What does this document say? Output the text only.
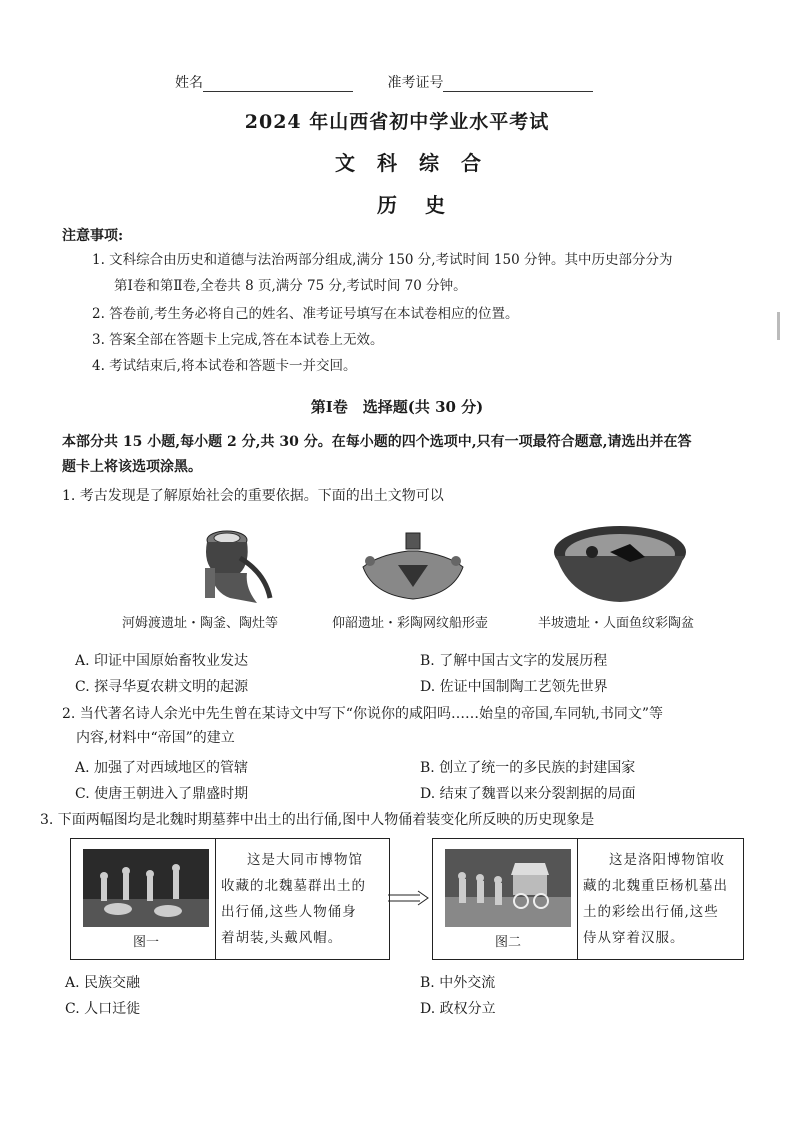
姓名	准考证号
2024 年山西省初中学业水平考试
文科综合
历史
注意事项:
1. 文科综合由历史和道德与法治两部分组成,满分 150 分,考试时间 150 分钟。其中历史部分分为
第Ⅰ卷和第Ⅱ卷,全卷共 8 页,满分 75 分,考试时间 70 分钟。
2. 答卷前,考生务必将自己的姓名、准考证号填写在本试卷相应的位置。
3. 答案全部在答题卡上完成,答在本试卷上无效。
4. 考试结束后,将本试卷和答题卡一并交回。
第Ⅰ卷　选择题(共 30 分)
本部分共 15 小题,每小题 2 分,共 30 分。在每小题的四个选项中,只有一项最符合题意,请选出并在答
题卡上将该选项涂黑。
1. 考古发现是了解原始社会的重要依据。下面的出土文物可以
河姆渡遗址・陶釜、陶灶等	仰韶遗址・彩陶网纹船形壶	半坡遗址・人面鱼纹彩陶盆
A. 印证中国原始畜牧业发达	B. 了解中国古文字的发展历程
C. 探寻华夏农耕文明的起源	D. 佐证中国制陶工艺领先世界
2. 当代著名诗人余光中先生曾在某诗文中写下“你说你的咸阳吗……始皇的帝国,车同轨,书同文”等
内容,材料中“帝国”的建立
A. 加强了对西域地区的管辖	B. 创立了统一的多民族的封建国家
C. 使唐王朝进入了鼎盛时期	D. 结束了魏晋以来分裂割据的局面
3. 下面两幅图均是北魏时期墓葬中出土的出行俑,图中人物俑着装变化所反映的历史现象是
图一
这是大同市博物馆
收藏的北魏墓群出土的
出行俑,这些人物俑身
着胡装,头戴风帽。	图二
这是洛阳博物馆收
藏的北魏重臣杨机墓出
土的彩绘出行俑,这些
侍从穿着汉服。
A. 民族交融	B. 中外交流
C. 人口迁徙	D. 政权分立
